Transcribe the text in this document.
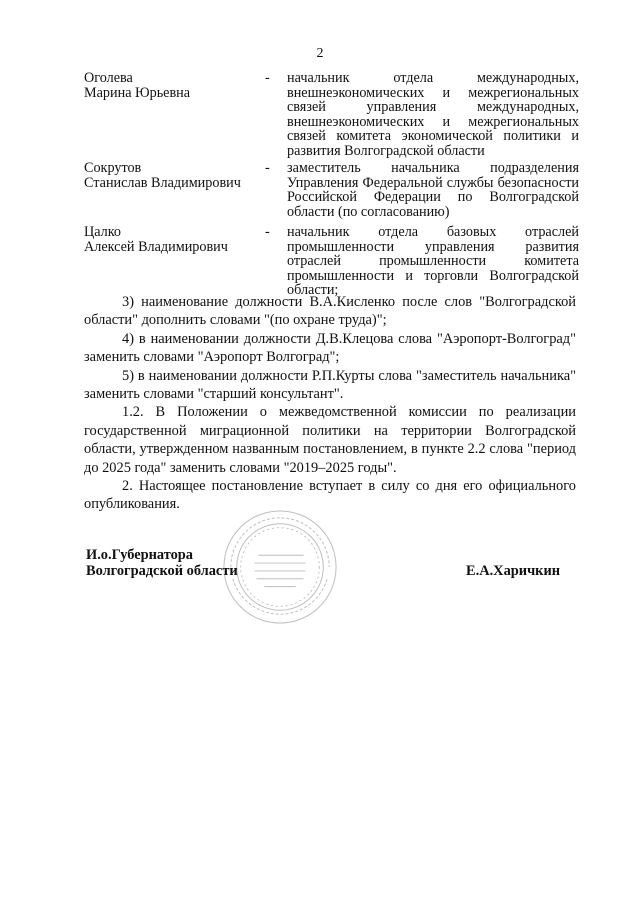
2
Оголева
Марина Юрьевна
- начальник отдела международных, внешнеэкономических и межрегиональных связей управления международных, внешнеэкономических и межрегиональных связей комитета экономической политики и развития Волгоградской области
Сокрутов
Станислав Владимирович
- заместитель начальника подразделения Управления Федеральной службы безопасности Российской Федерации по Волгоградской области (по согласованию)
Цалко
Алексей Владимирович
- начальник отдела базовых отраслей промышленности управления развития отраслей промышленности комитета промышленности и торговли Волгоградской области;

3) наименование должности В.А.Кисленко после слов "Волгоградской области" дополнить словами "(по охране труда)";

4) в наименовании должности Д.В.Клецова слова "Аэропорт-Волгоград" заменить словами "Аэропорт Волгоград";

5) в наименовании должности Р.П.Курты слова "заместитель начальника" заменить словами "старший консультант".

1.2. В Положении о межведомственной комиссии по реализации государственной миграционной политики на территории Волгоградской области, утвержденном названным постановлением, в пункте 2.2 слова "период до 2025 года" заменить словами "2019–2025 годы".

2. Настоящее постановление вступает в силу со дня его официального опубликования.

И.о.Губернатора
Волгоградской области	Е.А.Харичкин
